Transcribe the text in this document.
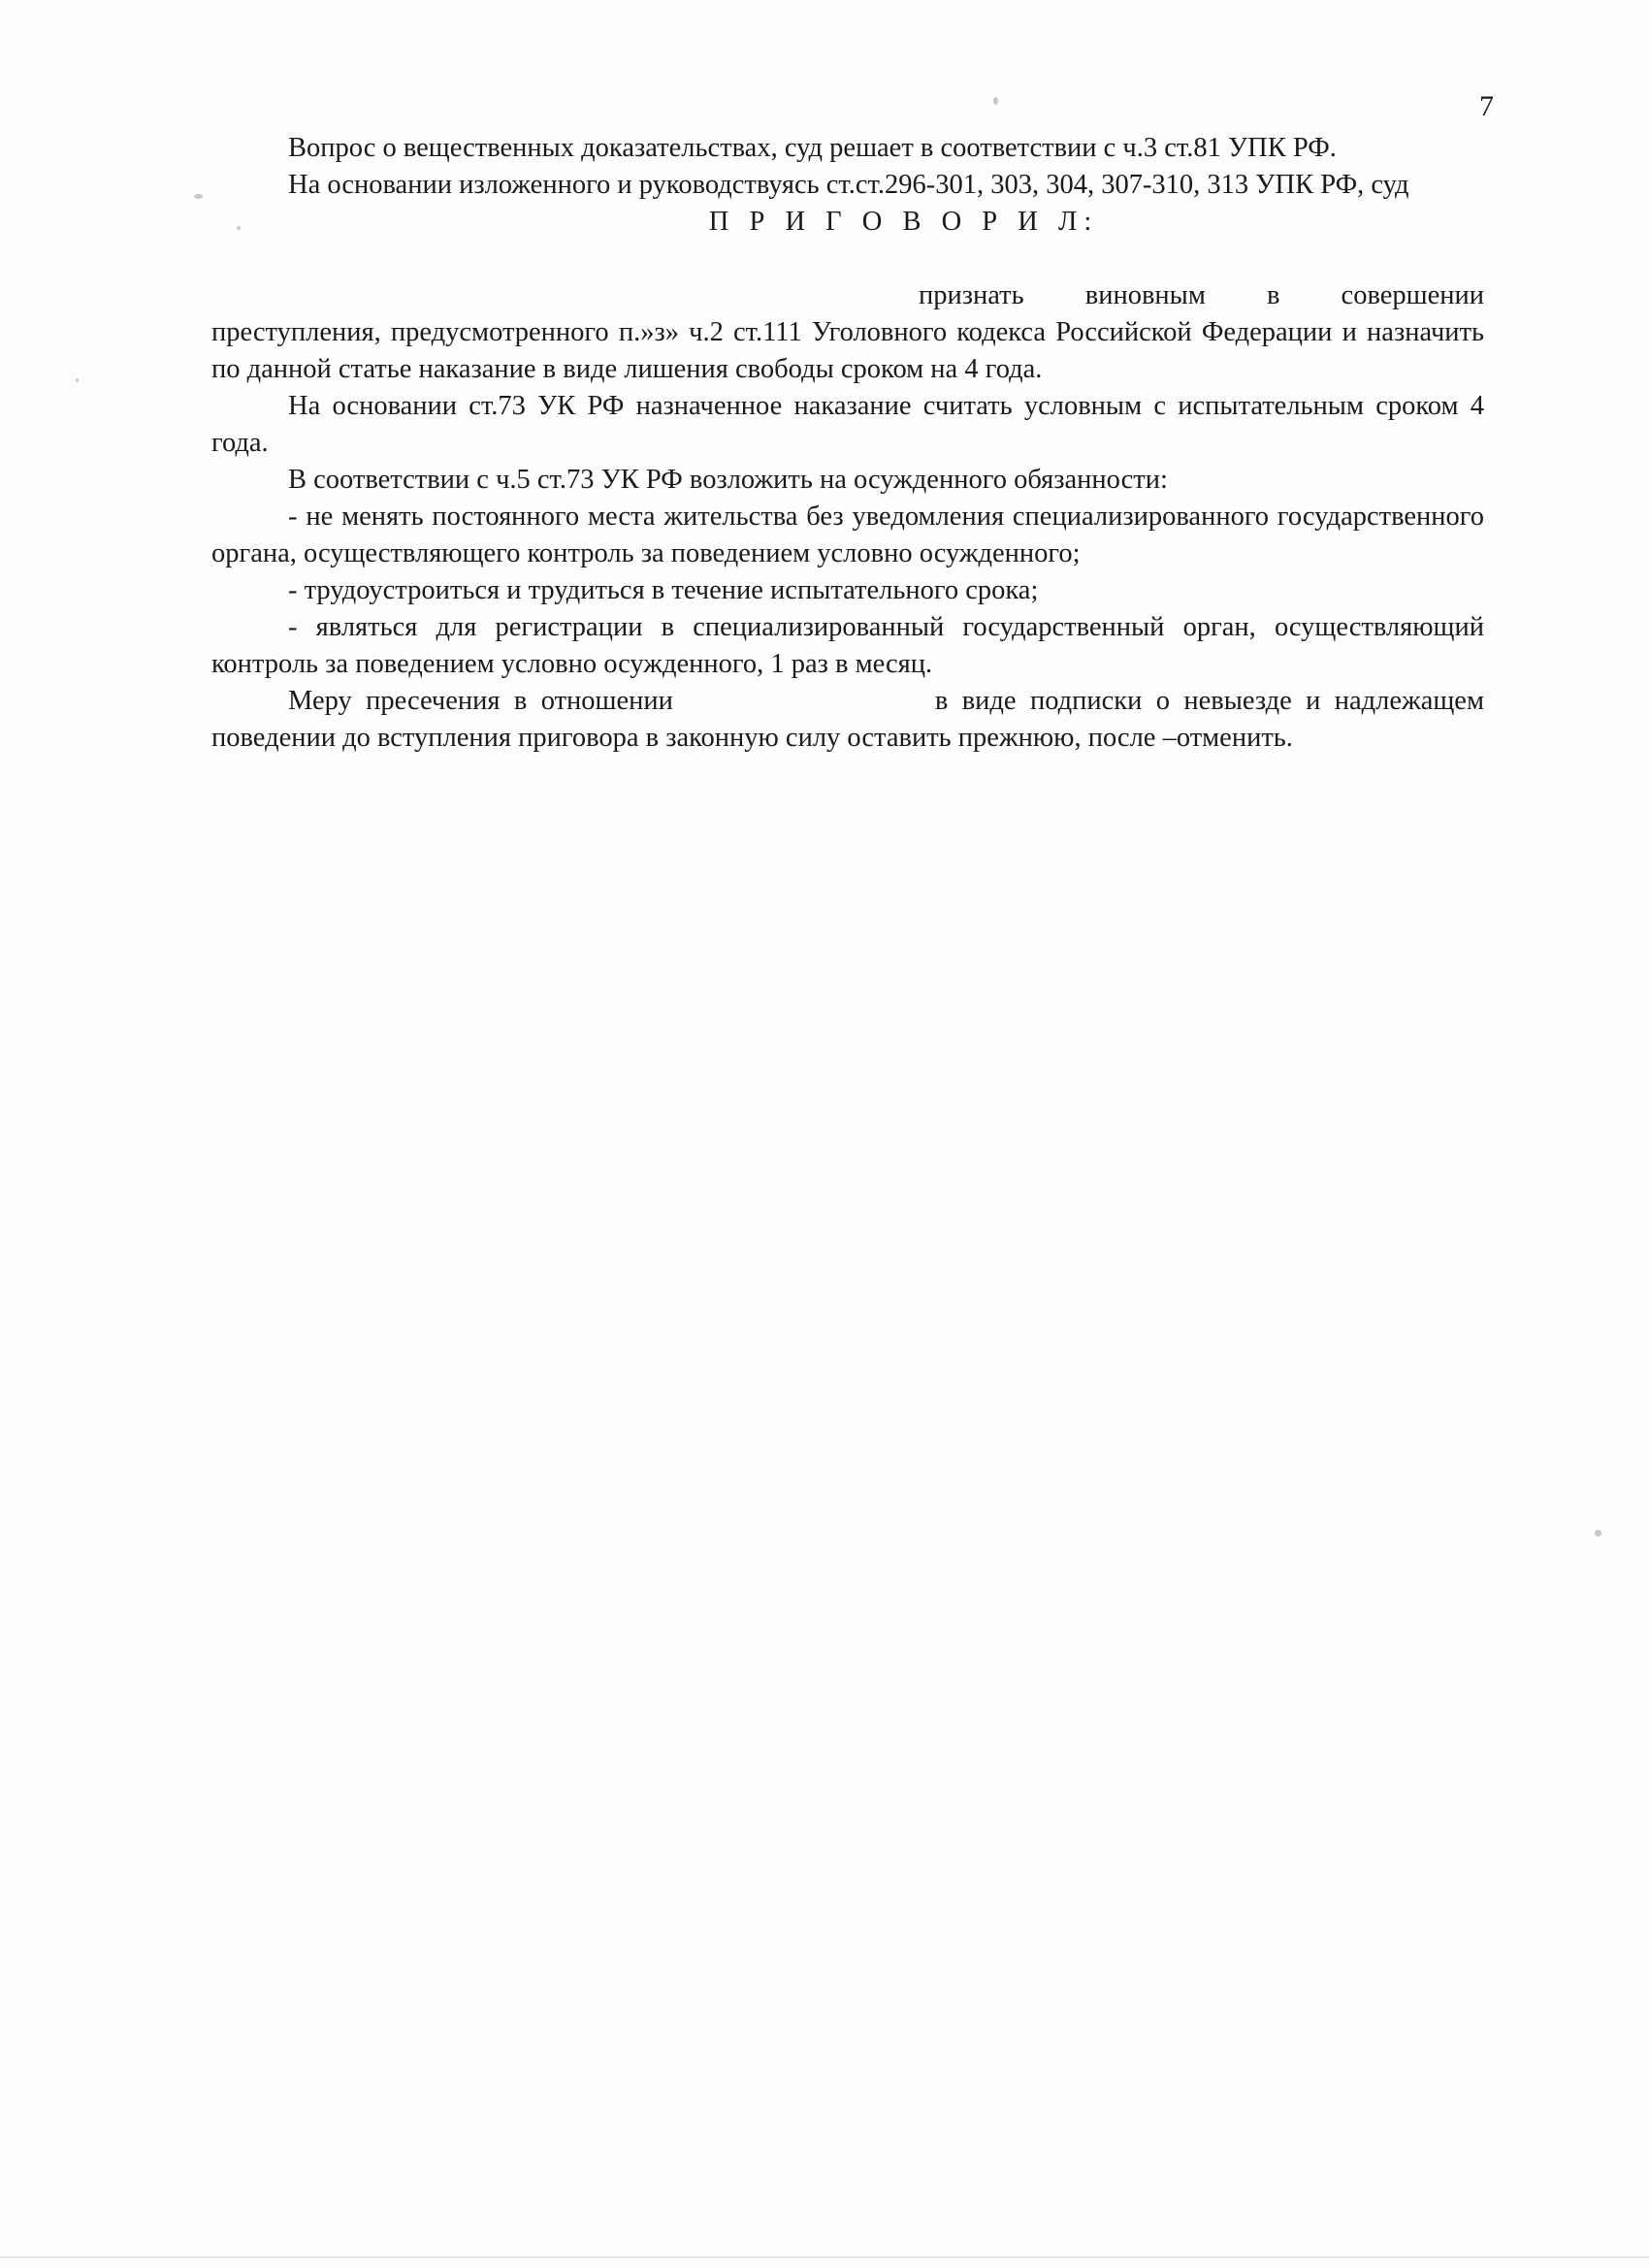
7

Вопрос о вещественных доказательствах, суд решает в соответствии с ч.3 ст.81 УПК РФ.

На основании изложенного и руководствуясь ст.ст.296-301, 303, 304, 307-310, 313 УПК РФ, суд

П Р И Г О В О Р И Л:

признать виновным в совершении преступления, предусмотренного п.»з» ч.2 ст.111 Уголовного кодекса Российской Федерации и назначить по данной статье наказание в виде лишения свободы сроком на 4 года.

На основании ст.73 УК РФ назначенное наказание считать условным с испытательным сроком 4 года.

В соответствии с ч.5 ст.73 УК РФ возложить на осужденного обязанности:

- не менять постоянного места жительства без уведомления специализированного государственного органа, осуществляющего контроль за поведением условно осужденного;

- трудоустроиться и трудиться в течение испытательного срока;

- являться для регистрации в специализированный государственный орган, осуществляющий контроль за поведением условно осужденного, 1 раз в месяц.

Меру пресечения в отношении	в виде подписки о невыезде и надлежащем поведении до вступления приговора в законную силу оставить прежнюю, после –отменить.
